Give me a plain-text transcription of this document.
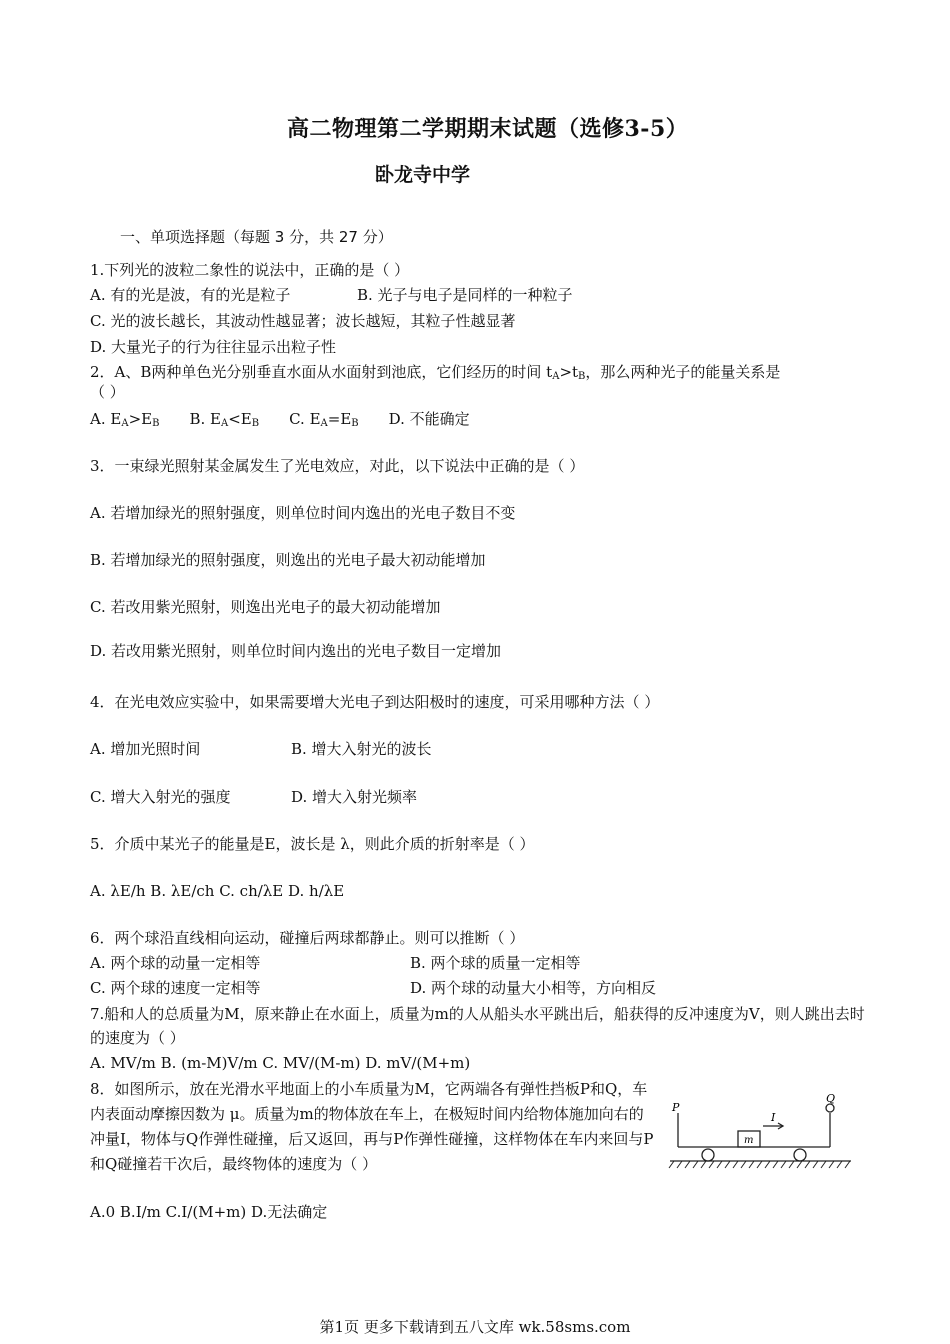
高二物理第二学期期末试题（选修3-5）
卧龙寺中学
一、单项选择题（每题 3 分，共 27 分）
1.下列光的波粒二象性的说法中，正确的是（ ）
A. 有的光是波，有的光是粒子	B. 光子与电子是同样的一种粒子
C. 光的波长越长，其波动性越显著；波长越短，其粒子性越显著
D. 大量光子的行为往往显示出粒子性
2．A、B两种单色光分别垂直水面从水面射到池底，它们经历的时间 $t_A>t_B$，那么两种光子的能量关系是
（ ）
A. $E_A>E_B$　　B. $E_A<E_B$　　C. $E_A=E_B$　　D. 不能确定
3．一束绿光照射某金属发生了光电效应，对此，以下说法中正确的是（ ）
A. 若增加绿光的照射强度，则单位时间内逸出的光电子数目不变
B. 若增加绿光的照射强度，则逸出的光电子最大初动能增加
C. 若改用紫光照射，则逸出光电子的最大初动能增加
D. 若改用紫光照射，则单位时间内逸出的光电子数目一定增加
4．在光电效应实验中，如果需要增大光电子到达阳极时的速度，可采用哪种方法（ ）
A. 增加光照时间	B. 增大入射光的波长
C. 增大入射光的强度	D. 增大入射光频率
5．介质中某光子的能量是E，波长是 λ，则此介质的折射率是（ ）
A. λE/h B. λE/ch C. ch/λE D. h/λE
6．两个球沿直线相向运动，碰撞后两球都静止。则可以推断（ ）
A. 两个球的动量一定相等	B. 两个球的质量一定相等
C. 两个球的速度一定相等	D. 两个球的动量大小相等，方向相反
7.船和人的总质量为M，原来静止在水面上，质量为m的人从船头水平跳出后，船获得的反冲速度为V，则人跳出去时的速度为（ ）
A. MV/m B. (m-M)V/m C. MV/(M-m) D. mV/(M+m)
8．如图所示，放在光滑水平地面上的小车质量为M，它两端各有弹性挡板P和Q，车内表面动摩擦因数为 μ。质量为m的物体放在车上，在极短时间内给物体施加向右的冲量I，物体与Q作弹性碰撞，后又返回，再与P作弹性碰撞，这样物体在车内来回与P和Q碰撞若干次后，最终物体的速度为（ ）
A.0 B.I/m C.I/(M+m) D.无法确定
P
Q
I
m
第1页 更多下载请到五八文库 wk.58sms.com
